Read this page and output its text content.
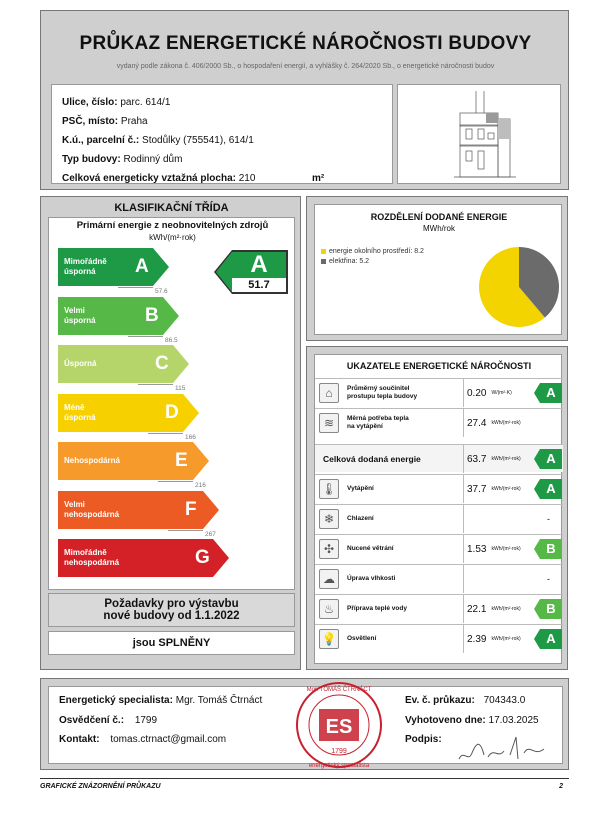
PRŮKAZ ENERGETICKÉ NÁROČNOSTI BUDOVY
vydaný podle zákona č. 406/2000 Sb., o hospodaření energií, a vyhlášky č. 264/2020 Sb., o energetické náročnosti budov
Ulice, číslo: parc. 614/1
PSČ, místo: Praha
K.ú., parcelní č.: Stodůlky (755541), 614/1
Typ budovy: Rodinný dům
Celková energeticky vztažná plocha: 210	m²
KLASIFIKAČNÍ TŘÍDA
Primární energie z neobnovitelných zdrojů
kWh/(m²·rok)
Mimořádně
úsporná	A
57.6
Velmi
úsporná	B
86.5
Úsporná	C
115
Méně úsporná	D
166
Nehospodárná	E
216
Velmi
nehospodárná	F
267
Mimořádně
nehospodárná	G
A
51.7
Požadavky pro výstavbu
nové budovy od 1.1.2022
jsou SPLNĚNY
ROZDĚLENÍ DODANÉ ENERGIE
MWh/rok
energie okolního prostředí: 8.2
elektřina: 5.2
UKAZATELE ENERGETICKÉ NÁROČNOSTI
⌂	Průměrný součinitel
prostupu tepla budovy	0.20 W/(m²·K)	A
≋	Měrná potřeba tepla
na vytápění	27.4 kWh/(m²·rok)
Celková dodaná energie	63.7 kWh/(m²·rok)	A
🌡	Vytápění	37.7 kWh/(m²·rok)	A
❄	Chlazení	-
✣	Nucené větrání	1.53 kWh/(m²·rok)	B
☁	Úprava vlhkosti	-
♨	Příprava teplé vody	22.1 kWh/(m²·rok)	B
💡	Osvětlení	2.39 kWh/(m²·rok)	A
Energetický specialista: Mgr. Tomáš Čtrnáct
Osvědčení č.: 1799
Kontakt: tomas.ctrnact@gmail.com
Ev. č. průkazu: 704343.0
Vyhotoveno dne: 17.03.2025
Podpis:
ES
Mgr. TOMÁŠ ČTRNÁCT
energetický specialista
1799
GRAFICKÉ ZNÁZORNĚNÍ PRŮKAZU	2
